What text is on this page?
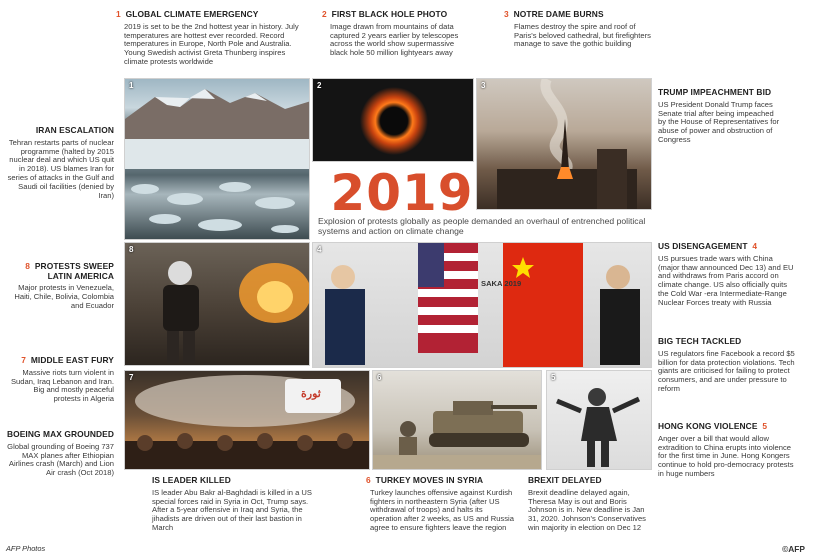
1 GLOBAL CLIMATE EMERGENCY
2019 is set to be the 2nd hottest year in history. July temperatures are hottest ever recorded. Record temperatures in Europe, North Pole and Australia. Young Swedish activist Greta Thunberg inspires climate protests worldwide
2 FIRST BLACK HOLE PHOTO
Image drawn from mountains of data captured 2 years earlier by telescopes across the world show supermassive black hole 50 million lightyears away
3 NOTRE DAME BURNS
Flames destroy the spire and roof of Paris's beloved cathedral, but firefighters manage to save the gothic building
IRAN ESCALATION
Tehran restarts parts of nuclear programme (halted by 2015 nuclear deal and which US quit in 2018). US blames Iran for series of attacks in the Gulf and Saudi oil facilities (denied by Iran)
8 PROTESTS SWEEP LATIN AMERICA
Major protests in Venezuela, Haiti, Chile, Bolivia, Colombia and Ecuador
7 MIDDLE EAST FURY
Massive riots turn violent in Sudan, Iraq Lebanon and Iran. Big and mostly peaceful protests in Algeria
BOEING MAX GROUNDED
Global grounding of Boeing 737 MAX planes after Ethiopian Airlines crash (March) and Lion Air crash (Oct 2018)
TRUMP IMPEACHMENT BID
US President Donald Trump faces Senate trial after being impeached by the House of Representatives for abuse of power and obstruction of Congress
US DISENGAGEMENT 4
US pursues trade wars with China (major thaw announced Dec 13) and EU and withdraws from Paris accord on climate change. US also officially quits the Cold War -era Intermediate-Range Nuclear Forces treaty with Russia
BIG TECH TACKLED
US regulators fine Facebook a record $5 billion for data protection violations. Tech giants are criticised for failing to protect consumers, and are under pressure to reform
HONG KONG VIOLENCE 5
Anger over a bill that would allow extradition to China erupts into violence for the first time in June. Hong Kongers continue to hold pro-democracy protests in huge numbers
IS LEADER KILLED
IS leader Abu Bakr al-Baghdadi is killed in a US special forces raid in Syria in Oct, Trump says. After a 5-year offensive in Iraq and Syria, the jihadists are driven out of their last bastion in March
6 TURKEY MOVES IN SYRIA
Turkey launches offensive against Kurdish fighters in northeastern Syria (after US withdrawal of troops) and halts its operation after 2 weeks, as US and Russia agree to ensure fighters leave the region
BREXIT DELAYED
Brexit deadline delayed again, Theresa May is out and Boris Johnson is in. New deadline is Jan 31, 2020. Johnson's Conservatives win majority in election on Dec 12
1	2	3
8	4
SAKA 2019
7
ثورة
6	5
2019
Explosion of protests globally as people demanded an overhaul of entrenched political systems and action on climate change
AFP Photos	©AFP
